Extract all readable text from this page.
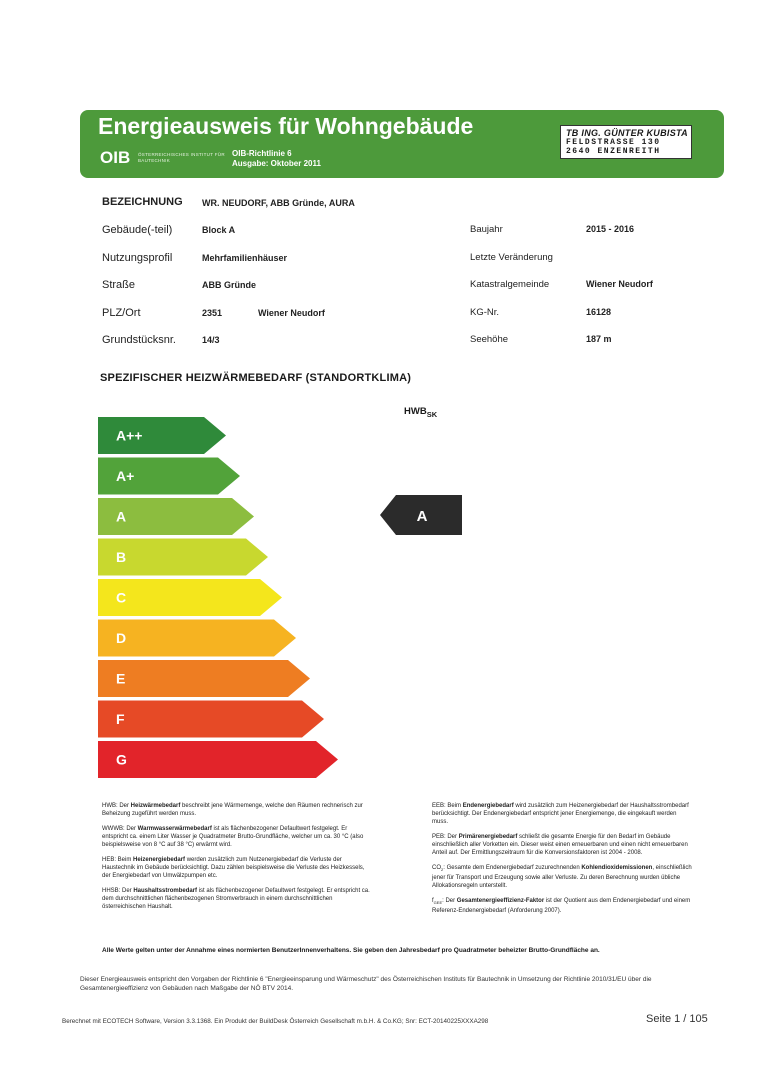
Energieausweis für Wohngebäude
OIB ÖSTERREICHISCHES INSTITUT FÜR BAUTECHNIK
OIB-Richtlinie 6
Ausgabe: Oktober 2011
TB ING. GÜNTER KUBISTA
FELDSTRASSE 130
2640 ENZENREITH
BEZEICHNUNG WR. NEUDORF, ABB Gründe, AURA
Gebäude(-teil)	Block A
Nutzungsprofil	Mehrfamilienhäuser
Straße	ABB Gründe
PLZ/Ort	2351	Wiener Neudorf
Grundstücksnr.	14/3
Baujahr	2015 - 2016
Letzte Veränderung
Katastralgemeinde	Wiener Neudorf
KG-Nr.	16128
Seehöhe	187 m
SPEZIFISCHER HEIZWÄRMEBEDARF (STANDORTKLIMA)
$HWB_{SK}$
A++
A+
A
B
C
D
E
F
G
A

HWB: Der Heizwärmebedarf beschreibt jene Wärmemenge, welche den Räumen rechnerisch zur Beheizung zugeführt werden muss.

WWWB: Der Warmwasserwärmebedarf ist als flächenbezogener Defaultwert festgelegt. Er entspricht ca. einem Liter Wasser je Quadratmeter Brutto-Grundfläche, welcher um ca. 30 °C (also beispielsweise von 8 °C auf 38 °C) erwärmt wird.

HEB: Beim Heizenergiebedarf werden zusätzlich zum Nutzenergiebedarf die Verluste der Haustechnik im Gebäude berücksichtigt. Dazu zählen beispielsweise die Verluste des Heizkessels, der Energiebedarf von Umwälzpumpen etc.

HHSB: Der Haushaltsstrombedarf ist als flächenbezogener Defaultwert festgelegt. Er entspricht ca. dem durchschnittlichen flächenbezogenen Stromverbrauch in einem durchschnittlichen österreichischen Haushalt.

EEB: Beim Endenergiebedarf wird zusätzlich zum Heizenergiebedarf der Haushaltsstrombedarf berücksichtigt. Der Endenergiebedarf entspricht jener Energiemenge, die eingekauft werden muss.

PEB: Der Primärenergiebedarf schließt die gesamte Energie für den Bedarf im Gebäude einschließlich aller Vorketten ein. Dieser weist einen erneuerbaren und einen nicht erneuerbaren Anteil auf. Der Ermittlungszeitraum für die Konversionsfaktoren ist 2004 - 2008.

$CO_2$: Gesamte dem Endenergiebedarf zuzurechnenden Kohlendioxidemissionen, einschließlich jener für Transport und Erzeugung sowie aller Verluste. Zu deren Berechnung wurden übliche Allokationsregeln unterstellt.

$f_{GEE}$: Der Gesamtenergieeffizienz-Faktor ist der Quotient aus dem Endenergiebedarf und einem Referenz-Endenergiebedarf (Anforderung 2007).

Alle Werte gelten unter der Annahme eines normierten BenutzerInnenverhaltens. Sie geben den Jahresbedarf pro Quadratmeter beheizter Brutto-Grundfläche an.
Dieser Energieausweis entspricht den Vorgaben der Richtlinie 6 "Energieeinsparung und Wärmeschutz" des Österreichischen Instituts für Bautechnik in Umsetzung der Richtlinie 2010/31/EU über die Gesamtenergieeffizienz von Gebäuden nach Maßgabe der NÖ BTV 2014.
Berechnet mit ECOTECH Software, Version 3.3.1368. Ein Produkt der BuildDesk Österreich Gesellschaft m.b.H. & Co.KG; Snr: ECT-20140225XXXA298	Seite 1 / 105
